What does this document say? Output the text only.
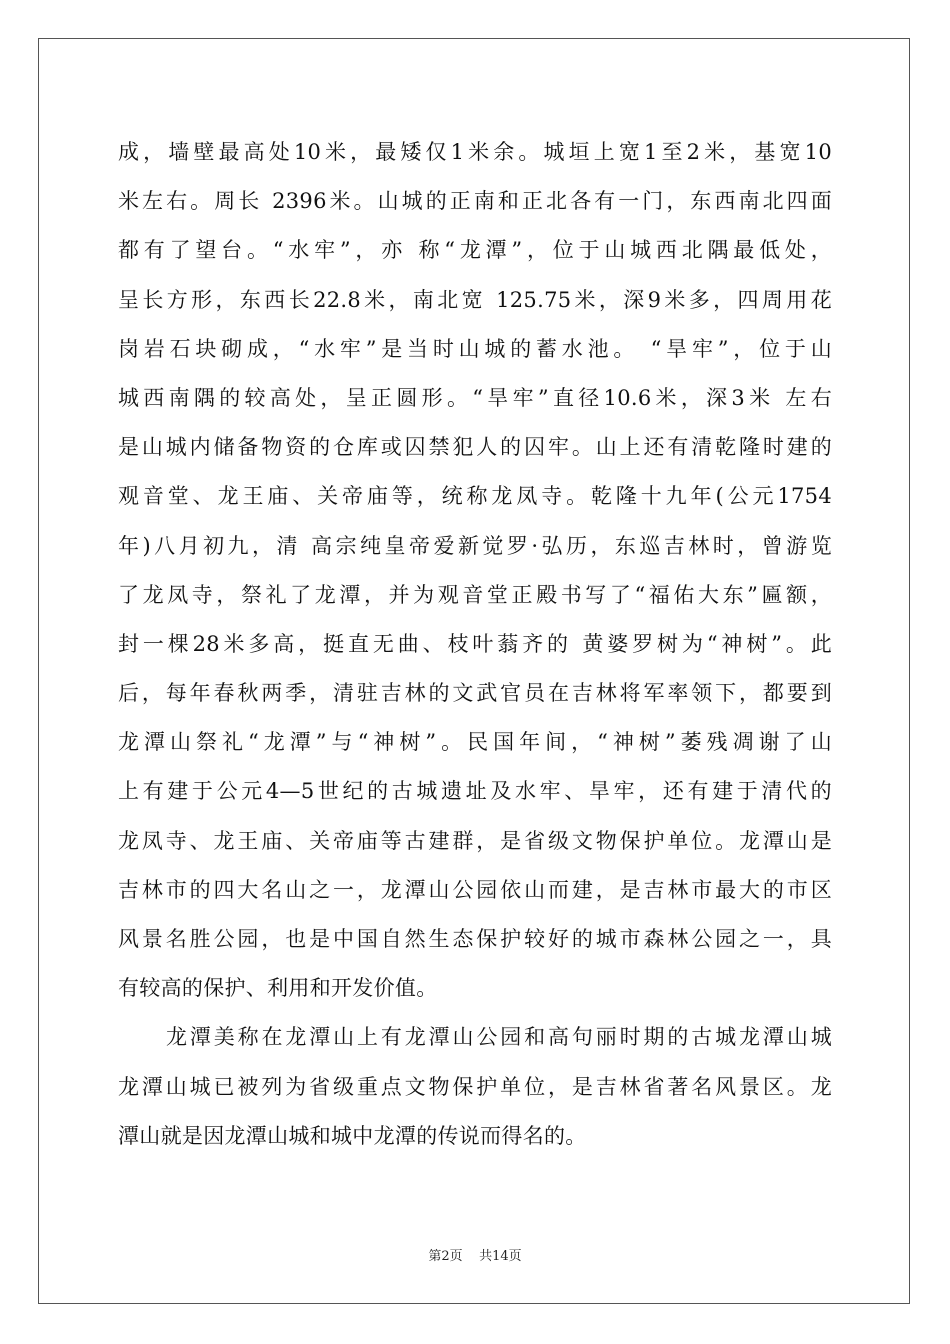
成，墙壁最高处10米，最矮仅1米余。城垣上宽1至2米，基宽10
米左右。周长 2396米。山城的正南和正北各有一门，东西南北四面
都有了望台。“水牢”，亦 称“龙潭”，位于山城西北隅最低处，
呈长方形，东西长22.8米，南北宽 125.75米，深9米多，四周用花
岗岩石块砌成，“水牢”是当时山城的蓄水池。 “旱牢”，位于山
城西南隅的较高处，呈正圆形。“旱牢”直径10.6米，深3米 左右
是山城内储备物资的仓库或囚禁犯人的囚牢。山上还有清乾隆时建的
观音堂、龙王庙、关帝庙等，统称龙凤寺。乾隆十九年(公元1754
年)八月初九，清 高宗纯皇帝爱新觉罗·弘历，东巡吉林时，曾游览
了龙凤寺，祭礼了龙潭，并为观音堂正殿书写了“福佑大东”匾额，
封一棵28米多高，挺直无曲、枝叶蓊齐的 黄婆罗树为“神树”。此
后，每年春秋两季，清驻吉林的文武官员在吉林将军率领下，都要到
龙潭山祭礼“龙潭”与“神树”。民国年间，“神树”萎残凋谢了山
上有建于公元4—5世纪的古城遗址及水牢、旱牢，还有建于清代的
龙凤寺、龙王庙、关帝庙等古建群，是省级文物保护单位。龙潭山是
吉林市的四大名山之一，龙潭山公园依山而建，是吉林市最大的市区
风景名胜公园，也是中国自然生态保护较好的城市森林公园之一，具
有较高的保护、利用和开发价值。
龙潭美称在龙潭山上有龙潭山公园和高句丽时期的古城龙潭山城
龙潭山城已被列为省级重点文物保护单位，是吉林省著名风景区。龙
潭山就是因龙潭山城和城中龙潭的传说而得名的。
第2页 共14页
